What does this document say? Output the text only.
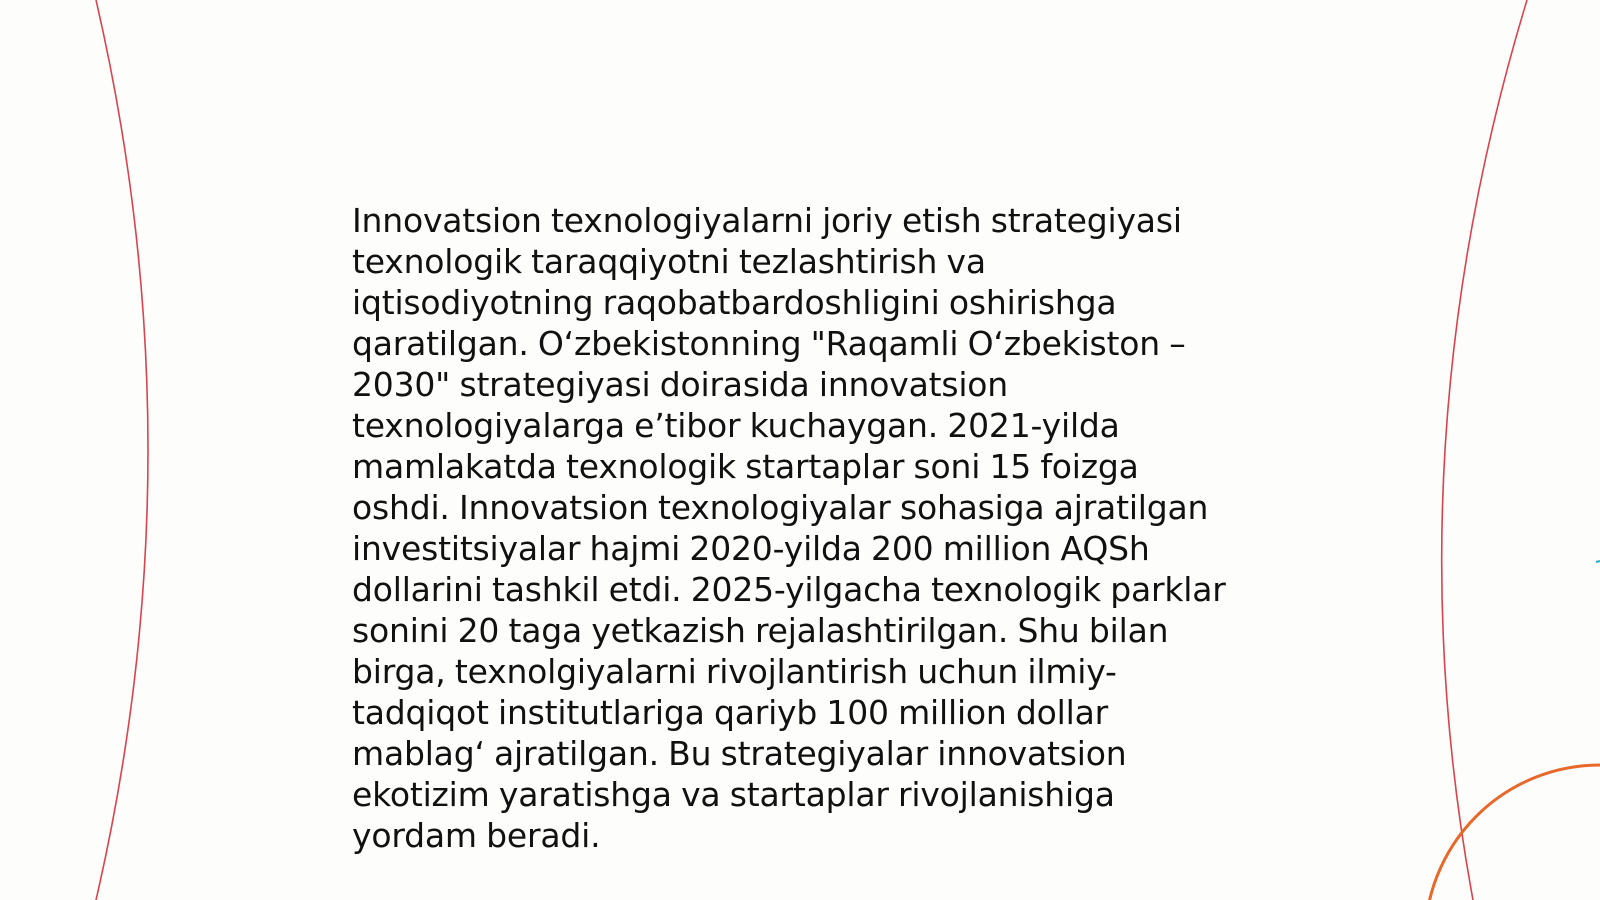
Innovatsion texnologiyalarni joriy etish strategiyasi texnologik taraqqiyotni tezlashtirish va iqtisodiyotning raqobatbardoshligini oshirishga qaratilgan. O‘zbekistonning "Raqamli O‘zbekiston – 2030" strategiyasi doirasida innovatsion texnologiyalarga e’tibor kuchaygan. 2021-yilda mamlakatda texnologik startaplar soni 15 foizga oshdi. Innovatsion texnologiyalar sohasiga ajratilgan investitsiyalar hajmi 2020-yilda 200 million AQSh dollarini tashkil etdi. 2025-yilgacha texnologik parklar sonini 20 taga yetkazish rejalashtirilgan. Shu bilan birga, texnolgiyalarni rivojlantirish uchun ilmiy-tadqiqot institutlariga qariyb 100 million dollar mablag‘ ajratilgan. Bu strategiyalar innovatsion ekotizim yaratishga va startaplar rivojlanishiga yordam beradi.
